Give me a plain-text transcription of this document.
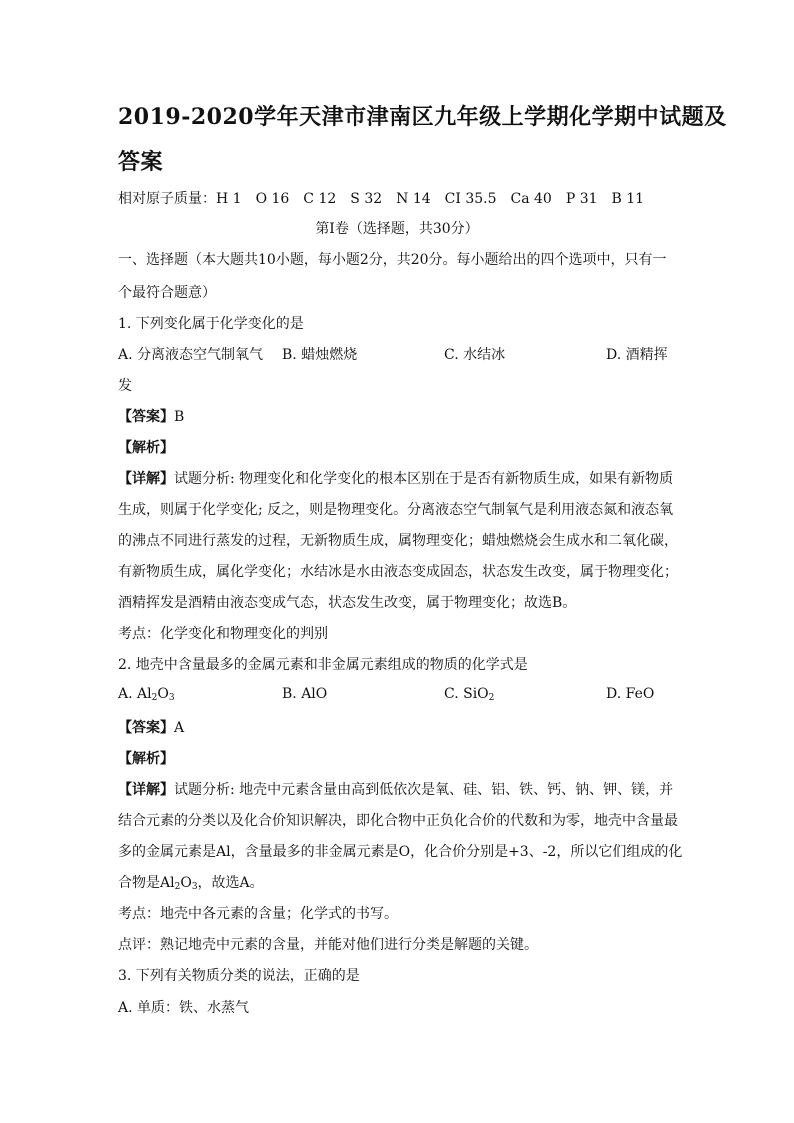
2019-2020学年天津市津南区九年级上学期化学期中试题及
答案
相对原子质量：H 1　O 16　C 12　S 32　N 14　CI 35.5　Ca 40　P 31　B 11
第Ⅰ卷（选择题，共30分）
一、选择题（本大题共10小题，每小题2分，共20分。每小题给出的四个选项中，只有一
个最符合题意）
1. 下列变化属于化学变化的是
A. 分离液态空气制氧气 B. 蜡烛燃烧	C. 水结冰	D. 酒精挥
发
【答案】B
【解析】
【详解】试题分析: 物理变化和化学变化的根本区别在于是否有新物质生成，如果有新物质
生成，则属于化学变化; 反之，则是物理变化。分离液态空气制氧气是利用液态氮和液态氧
的沸点不同进行蒸发的过程，无新物质生成，属物理变化；蜡烛燃烧会生成水和二氧化碳，
有新物质生成，属化学变化；水结冰是水由液态变成固态，状态发生改变，属于物理变化；
酒精挥发是酒精由液态变成气态，状态发生改变，属于物理变化；故选B。
考点：化学变化和物理变化的判别
2. 地壳中含量最多的金属元素和非金属元素组成的物质的化学式是
A. $Al_2O_3$	B. AlO	C. SiO$_2$	D. FeO
【答案】A
【解析】
【详解】试题分析: 地壳中元素含量由高到低依次是氧、硅、铝、铁、钙、钠、钾、镁，并
结合元素的分类以及化合价知识解决，即化合物中正负化合价的代数和为零，地壳中含量最
多的金属元素是Al，含量最多的非金属元素是O，化合价分别是+3、-2，所以它们组成的化
合物是$Al_2O_3$，故选A。
考点：地壳中各元素的含量；化学式的书写。
点评：熟记地壳中元素的含量，并能对他们进行分类是解题的关键。
3. 下列有关物质分类的说法，正确的是
A. 单质：铁、水蒸气
